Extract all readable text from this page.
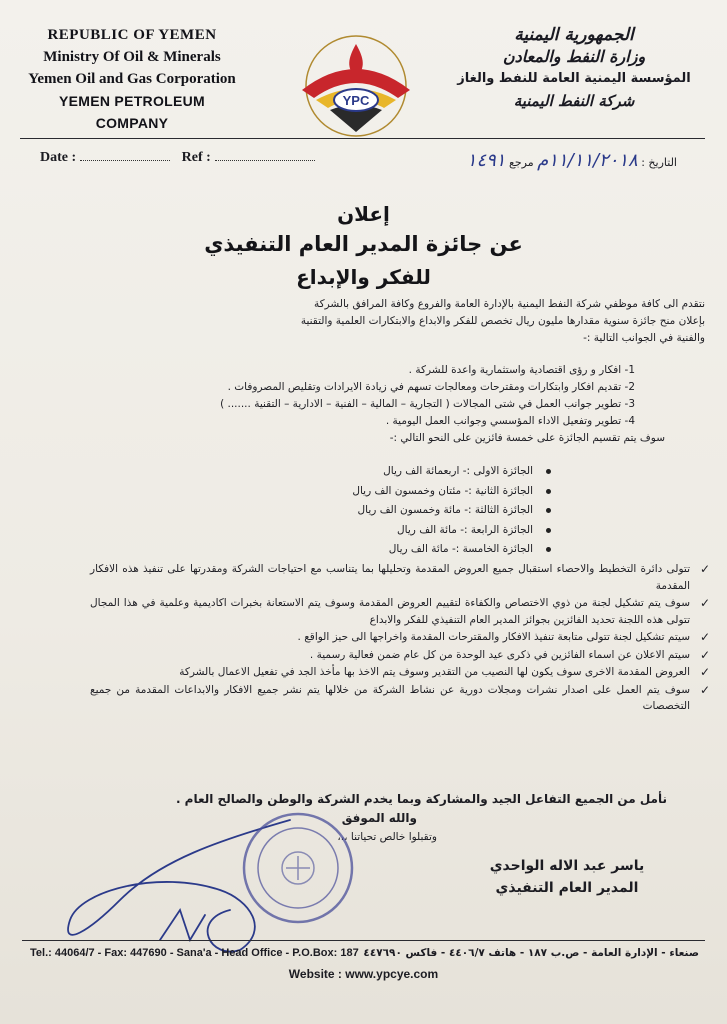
REPUBLIC OF YEMEN
Ministry Of Oil & Minerals
Yemen Oil and Gas Corporation
YEMEN PETROLEUM COMPANY
YPC
الجمهورية اليمنية
وزارة النفط والمعادن
المؤسسة اليمنية العامة للنفط والغاز
شركة النفط اليمنية
Date :	Ref :	التاريخ : ١١/١١/٢٠١٨م مرجع ١٤٩١
إعلان
عن جائزة المدير العام التنفيذي
للفكر والإبداع
نتقدم الى كافة موظفي شركة النفط اليمنية بالإدارة العامة والفروع وكافة المرافق بالشركة
بإعلان منح جائزة سنوية مقدارها مليون ريال تخصص للفكر والابداع والابتكارات العلمية والتقنية
والفنية في الجوانب التالية :-
1- افكار و رؤى اقتصادية واستثمارية واعدة للشركة .
2- تقديم افكار وابتكارات ومقترحات ومعالجات تسهم في زيادة الايرادات وتقليص المصروفات .
3- تطوير جوانب العمل في شتى المجالات ( التجارية – المالية – الفنية – الادارية – التقنية ....... )
4- تطوير وتفعيل الاداء المؤسسي وجوانب العمل اليومية .
سوف يتم تقسيم الجائزة على خمسة فائزين على النحو التالي :-
الجائزة الاولى :- اربعمائة الف ريال
الجائزة الثانية :- مئتان وخمسون الف ريال
الجائزة الثالثة :- مائة وخمسون الف ريال
الجائزة الرابعة :- مائة الف ريال
الجائزة الخامسة :- مائة الف ريال
✓
تتولى دائرة التخطيط والاحصاء استقبال جميع العروض المقدمة وتحليلها بما يتناسب مع احتياجات الشركة ومقدرتها على تنفيذ هذه الافكار المقدمة
✓
سوف يتم تشكيل لجنة من ذوي الاختصاص والكفاءة لتقييم العروض المقدمة وسوف يتم الاستعانة بخبرات اكاديمية وعلمية في هذا المجال تتولى هذه اللجنة تحديد الفائزين بجوائز المدير العام التنفيذي للفكر والابداع
✓
سيتم تشكيل لجنة تتولى متابعة تنفيذ الافكار والمقترحات المقدمة واخراجها الى حيز الواقع .
✓
سيتم الاعلان عن اسماء الفائزين في ذكرى عيد الوحدة من كل عام ضمن فعالية رسمية .
✓
العروض المقدمة الاخرى سوف يكون لها النصيب من التقدير وسوف يتم الاخذ بها مأخذ الجد في تفعيل الاعمال بالشركة
✓
سوف يتم العمل على اصدار نشرات ومجلات دورية عن نشاط الشركة من خلالها يتم نشر جميع الافكار والابداعات المقدمة من جميع التخصصات
نأمل من الجميع التفاعل الجيد والمشاركة وبما يخدم الشركة والوطن والصالح العام .
والله الموفق
وتقبلوا خالص تحياتنا ،،،
ياسر عبد الاله الواحدي
المدير العام التنفيذي
Tel.: 44064/7 - Fax: 447690 - Sana'a - Head Office - P.O.Box: 187 صنعاء - الإدارة العامة - ص.ب ١٨٧ - هاتف ٤٤٠٦/٧ - فاكس ٤٤٧٦٩٠
Website : www.ypcye.com
